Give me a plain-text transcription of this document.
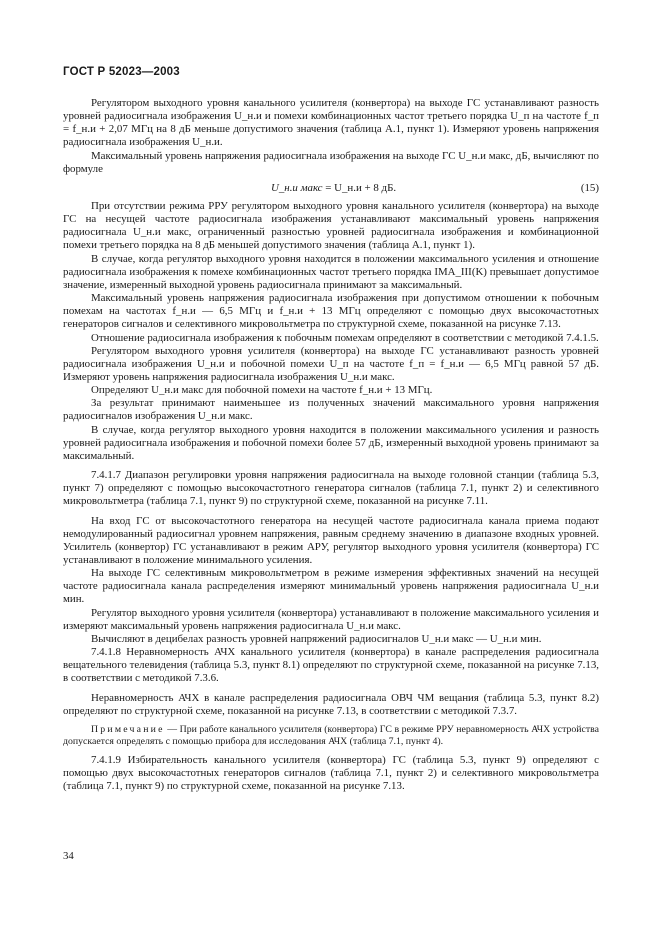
ГОСТ Р 52023—2003

Регулятором выходного уровня канального усилителя (конвертора) на выходе ГС устанавливают разность уровней радиосигнала изображения U_н.и и помехи комбинационных частот третьего порядка U_п на частоте f_п = f_н.и + 2,07 МГц на 8 дБ меньше допустимого значения (таблица А.1, пункт 1). Измеряют уровень напряжения радиосигнала изображения U_н.и.

Максимальный уровень напряжения радиосигнала изображения на выходе ГС U_н.и макс, дБ, вычисляют по формуле

U_н.и макс = U_н.и + 8 дБ.	(15)

При отсутствии режима РРУ регулятором выходного уровня канального усилителя (конвертора) на выходе ГС на несущей частоте радиосигнала изображения устанавливают максимальный уровень напряжения радиосигнала U_н.и макс, ограниченный разностью уровней радиосигнала изображения и комбинационной помехи третьего порядка на 8 дБ меньшей допустимого значения (таблица А.1, пункт 1).

В случае, когда регулятор выходного уровня находится в положении максимального усиления и отношение радиосигнала изображения к помехе комбинационных частот третьего порядка IMA_III(K) превышает допустимое значение, измеренный выходной уровень радиосигнала принимают за максимальный.

Максимальный уровень напряжения радиосигнала изображения при допустимом отношении к побочным помехам на частотах f_н.и — 6,5 МГц и f_н.и + 13 МГц определяют с помощью двух высокочастотных генераторов сигналов и селективного микровольтметра по структурной схеме, показанной на рисунке 7.13.

Отношение радиосигнала изображения к побочным помехам определяют в соответствии с методикой 7.4.1.5.

Регулятором выходного уровня усилителя (конвертора) на выходе ГС устанавливают разность уровней радиосигнала изображения U_н.и и побочной помехи U_п на частоте f_п = f_н.и — 6,5 МГц равной 57 дБ. Измеряют уровень напряжения радиосигнала изображения U_н.и макс.

Определяют U_н.и макс для побочной помехи на частоте f_н.и + 13 МГц.

За результат принимают наименьшее из полученных значений максимального уровня напряжения радиосигналов изображения U_н.и макс.

В случае, когда регулятор выходного уровня находится в положении максимального усиления и разность уровней радиосигнала изображения и побочной помехи более 57 дБ, измеренный выходной уровень принимают за максимальный.

7.4.1.7 Диапазон регулировки уровня напряжения радиосигнала на выходе головной станции (таблица 5.3, пункт 7) определяют с помощью высокочастотного генератора сигналов (таблица 7.1, пункт 2) и селективного микровольтметра (таблица 7.1, пункт 9) по структурной схеме, показанной на рисунке 7.11.

На вход ГС от высокочастотного генератора на несущей частоте радиосигнала канала приема подают немодулированный радиосигнал уровнем напряжения, равным среднему значению в диапазоне входных уровней. Усилитель (конвертор) ГС устанавливают в режим АРУ, регулятор выходного уровня усилителя (конвертора) ГС устанавливают в положение минимального усиления.

На выходе ГС селективным микровольтметром в режиме измерения эффективных значений на несущей частоте радиосигнала канала распределения измеряют минимальный уровень напряжения радиосигнала U_н.и мин.

Регулятор выходного уровня усилителя (конвертора) устанавливают в положение максимального усиления и измеряют максимальный уровень напряжения радиосигнала U_н.и макс.

Вычисляют в децибелах разность уровней напряжений радиосигналов U_н.и макс — U_н.и мин.

7.4.1.8 Неравномерность АЧХ канального усилителя (конвертора) в канале распределения радиосигнала вещательного телевидения (таблица 5.3, пункт 8.1) определяют по структурной схеме, показанной на рисунке 7.13, в соответствии с методикой 7.3.6.

Неравномерность АЧХ в канале распределения радиосигнала ОВЧ ЧМ вещания (таблица 5.3, пункт 8.2) определяют по структурной схеме, показанной на рисунке 7.13, в соответствии с методикой 7.3.7.

Примечание — При работе канального усилителя (конвертора) ГС в режиме РРУ неравномерность АЧХ устройства допускается определять с помощью прибора для исследования АЧХ (таблица 7.1, пункт 4).

7.4.1.9 Избирательность канального усилителя (конвертора) ГС (таблица 5.3, пункт 9) определяют с помощью двух высокочастотных генераторов сигналов (таблица 7.1, пункт 2) и селективного микровольтметра (таблица 7.1, пункт 9) по структурной схеме, показанной на рисунке 7.13.

34
